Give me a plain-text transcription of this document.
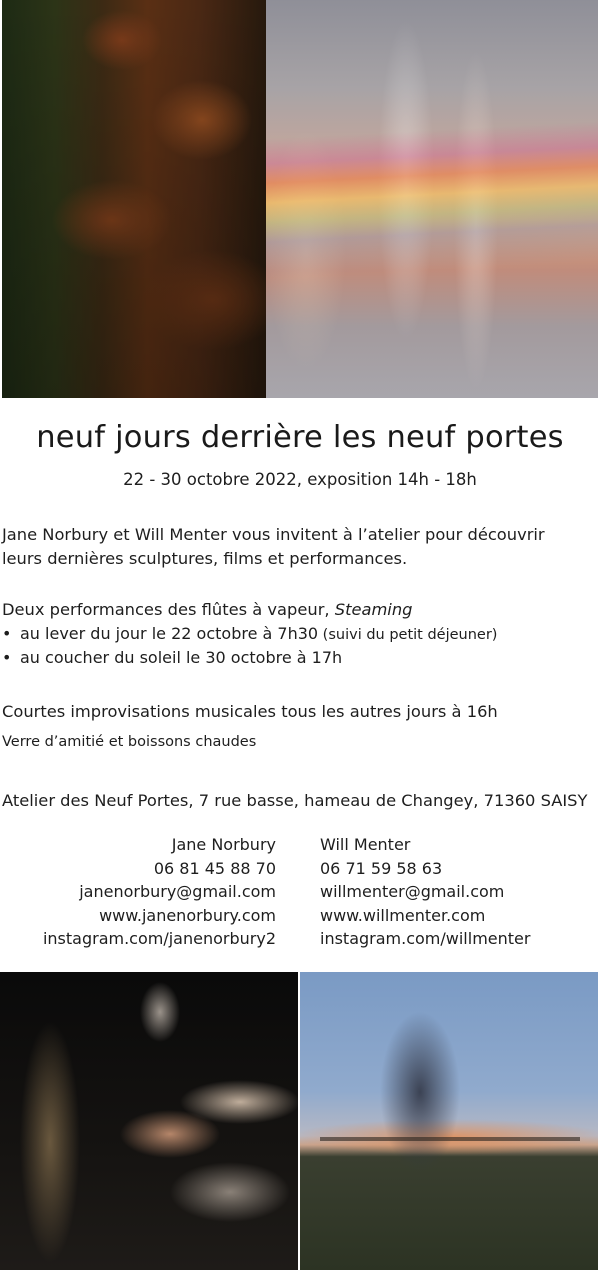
neuf jours derrière les neuf portes
22 - 30 octobre 2022, exposition 14h - 18h
Jane Norbury et Will Menter vous invitent à l’atelier pour découvrir
leurs dernières sculptures, films et performances.
Deux performances des flûtes à vapeur, Steaming
• au lever du jour le 22 octobre à 7h30 (suivi du petit déjeuner)
• au coucher du soleil le 30 octobre à 17h
Courtes improvisations musicales tous les autres jours à 16h
Verre d’amitié et boissons chaudes
Atelier des Neuf Portes, 7 rue basse, hameau de Changey, 71360 SAISY
Jane Norbury
06 81 45 88 70
janenorbury@gmail.com
www.janenorbury.com
instagram.com/janenorbury2
Will Menter
06 71 59 58 63
willmenter@gmail.com
www.willmenter.com
instagram.com/willmenter
